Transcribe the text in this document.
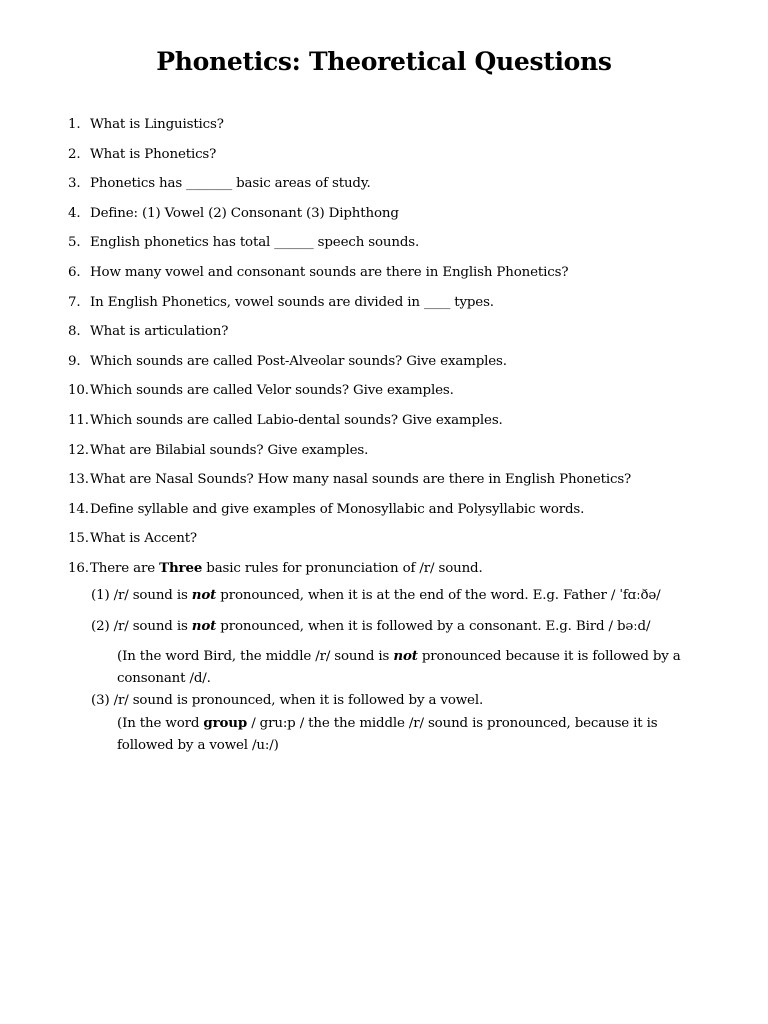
Phonetics: Theoretical Questions
1. What is Linguistics?
2. What is Phonetics?
3. Phonetics has _______ basic areas of study.
4. Define: (1) Vowel (2) Consonant (3) Diphthong
5. English phonetics has total ______ speech sounds.
6. How many vowel and consonant sounds are there in English Phonetics?
7. In English Phonetics, vowel sounds are divided in ____ types.
8. What is articulation?
9. Which sounds are called Post-Alveolar sounds? Give examples.
10.Which sounds are called Velor sounds? Give examples.
11.Which sounds are called Labio-dental sounds? Give examples.
12.What are Bilabial sounds? Give examples.
13.What are Nasal Sounds? How many nasal sounds are there in English Phonetics?
14.Define syllable and give examples of Monosyllabic and Polysyllabic words.
15.What is Accent?
16.There are Three basic rules for pronunciation of /r/ sound.
(1) /r/ sound is not pronounced, when it is at the end of the word. E.g. Father / ˈfɑːðə/
(2) /r/ sound is not pronounced, when it is followed by a consonant. E.g. Bird / bəːd/
(In the word Bird, the middle /r/ sound is not pronounced because it is followed by a consonant /d/.
(3) /r/ sound is pronounced, when it is followed by a vowel.
(In the word group / gru:p / the the middle /r/ sound is pronounced, because it is followed by a vowel /u:/)
